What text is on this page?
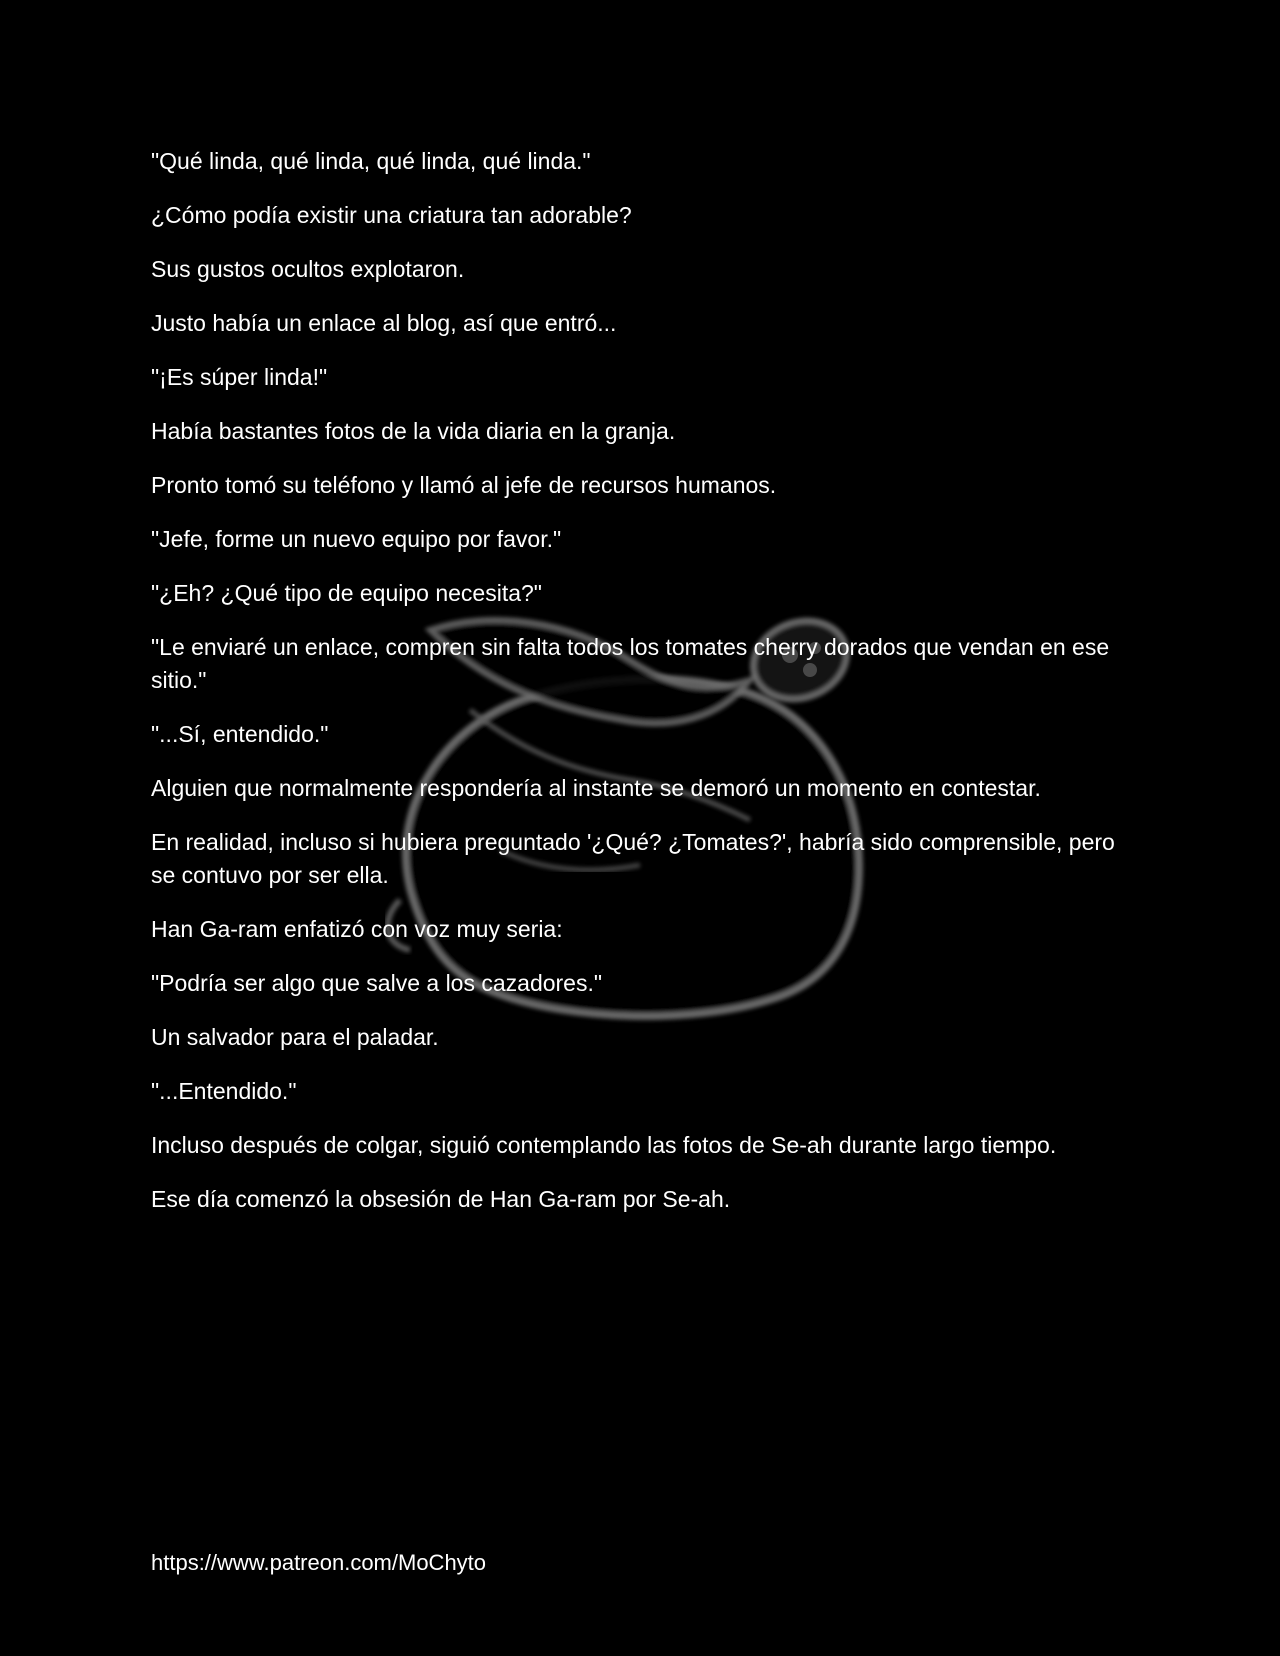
"Qué linda, qué linda, qué linda, qué linda."

¿Cómo podía existir una criatura tan adorable?

Sus gustos ocultos explotaron.

Justo había un enlace al blog, así que entró...

"¡Es súper linda!"

Había bastantes fotos de la vida diaria en la granja.

Pronto tomó su teléfono y llamó al jefe de recursos humanos.

"Jefe, forme un nuevo equipo por favor."

"¿Eh? ¿Qué tipo de equipo necesita?"

"Le enviaré un enlace, compren sin falta todos los tomates cherry dorados que vendan en ese sitio."

"...Sí, entendido."

Alguien que normalmente respondería al instante se demoró un momento en contestar.

En realidad, incluso si hubiera preguntado '¿Qué? ¿Tomates?', habría sido comprensible, pero se contuvo por ser ella.

Han Ga-ram enfatizó con voz muy seria:

"Podría ser algo que salve a los cazadores."

Un salvador para el paladar.

"...Entendido."

Incluso después de colgar, siguió contemplando las fotos de Se-ah durante largo tiempo.

Ese día comenzó la obsesión de Han Ga-ram por Se-ah.

https://www.patreon.com/MoChyto
